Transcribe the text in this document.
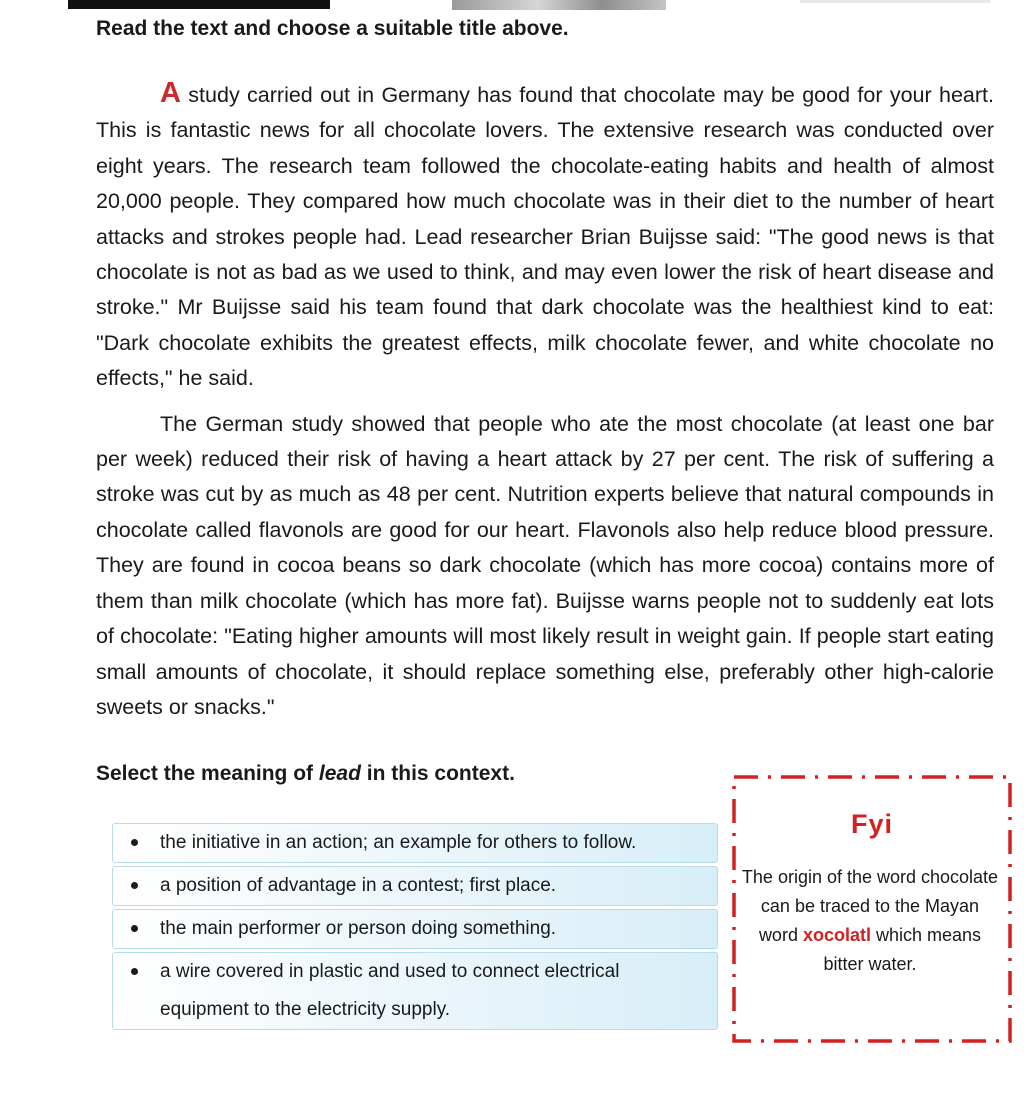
Read the text and choose a suitable title above.

A study carried out in Germany has found that chocolate may be good for your heart. This is fantastic news for all chocolate lovers. The extensive research was conducted over eight years. The research team followed the chocolate-eating habits and health of almost 20,000 people. They compared how much chocolate was in their diet to the number of heart attacks and strokes people had. Lead researcher Brian Buijsse said: "The good news is that chocolate is not as bad as we used to think, and may even lower the risk of heart disease and stroke." Mr Buijsse said his team found that dark chocolate was the healthiest kind to eat: "Dark chocolate exhibits the greatest effects, milk chocolate fewer, and white chocolate no effects," he said.

The German study showed that people who ate the most chocolate (at least one bar per week) reduced their risk of having a heart attack by 27 per cent. The risk of suffering a stroke was cut by as much as 48 per cent. Nutrition experts believe that natural compounds in chocolate called flavonols are good for our heart. Flavonols also help reduce blood pressure. They are found in cocoa beans so dark chocolate (which has more cocoa) contains more of them than milk chocolate (which has more fat). Buijsse warns people not to suddenly eat lots of chocolate: "Eating higher amounts will most likely result in weight gain. If people start eating small amounts of chocolate, it should replace something else, preferably other high-calorie sweets or snacks."

Select the meaning of lead in this context.

the initiative in an action; an example for others to follow.
a position of advantage in a contest; first place.
the main performer or person doing something.
a wire covered in plastic and used to connect electrical equipment to the electricity supply.
Fyi
The origin of the word chocolate can be traced to the Mayan word xocolatl which means bitter water.
